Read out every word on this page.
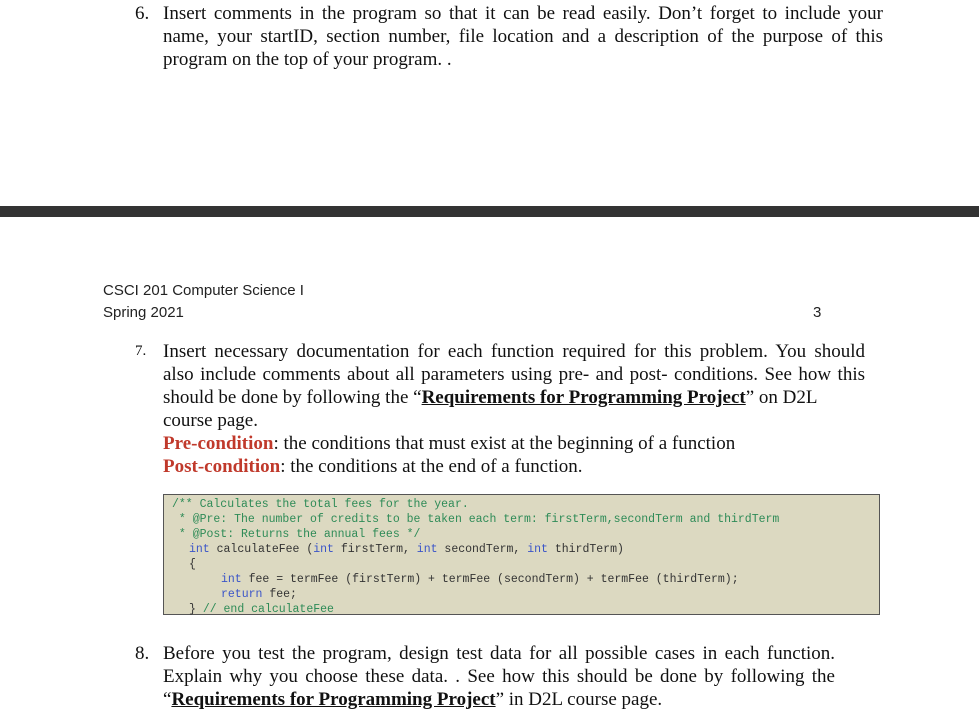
6. Insert comments in the program so that it can be read easily. Don’t forget to include your
name, your startID, section number, file location and a description of the purpose of this
program on the top of your program. .
CSCI 201 Computer Science I
Spring 2021	3
7. Insert necessary documentation for each function required for this problem. You should
also include comments about all parameters using pre- and post- conditions. See how this
should be done by following the “Requirements for Programming Project” on D2L
course page.
Pre-condition: the conditions that must exist at the beginning of a function
Post-condition: the conditions at the end of a function.
/** Calculates the total fees for the year.
* @Pre: The number of credits to be taken each term: firstTerm,secondTerm and thirdTerm
* @Post: Returns the annual fees */
int calculateFee (int firstTerm, int secondTerm, int thirdTerm)
{
int fee = termFee (firstTerm) + termFee (secondTerm) + termFee (thirdTerm);
return fee;
} // end calculateFee
8. Before you test the program, design test data for all possible cases in each function.
Explain why you choose these data. . See how this should be done by following the
“Requirements for Programming Project” in D2L course page.
